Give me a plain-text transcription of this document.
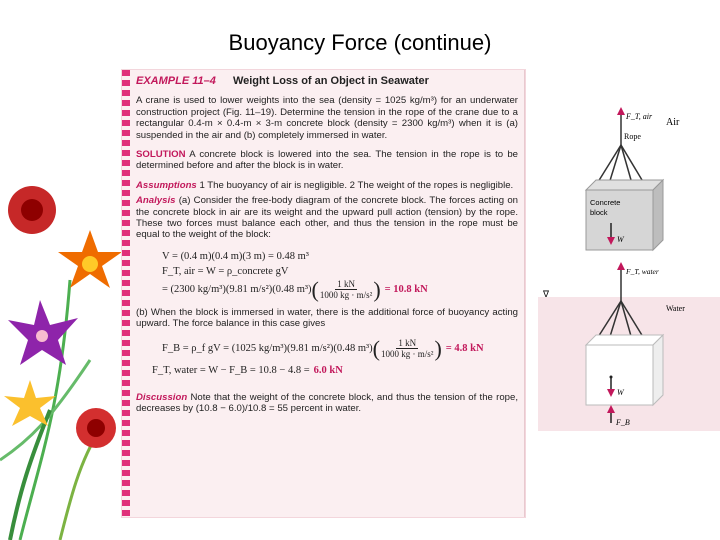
Buoyancy Force (continue)
EXAMPLE 11–4 Weight Loss of an Object in Seawater

A crane is used to lower weights into the sea (density = 1025 kg/m³) for an underwater construction project (Fig. 11–19). Determine the tension in the rope of the crane due to a rectangular 0.4-m × 0.4-m × 3-m concrete block (density = 2300 kg/m³) when it is (a) suspended in the air and (b) completely immersed in water.

SOLUTION A concrete block is lowered into the sea. The tension in the rope is to be determined before and after the block is in water.

Assumptions 1 The buoyancy of air is negligible. 2 The weight of the ropes is negligible.

Analysis (a) Consider the free-body diagram of the concrete block. The forces acting on the concrete block in air are its weight and the upward pull action (tension) by the rope. These two forces must balance each other, and thus the tension in the rope must be equal to the weight of the block:

V = (0.4 m)(0.4 m)(3 m) = 0.48 m³
F_T, air = W = ρ_concrete gV
= (2300 kg/m³)(9.81 m/s²)(0.48 m³) ( $\frac{1 kN}{\text{1000 kg · m/s²}}$ ) = 10.8 kN

(b) When the block is immersed in water, there is the additional force of buoyancy acting upward. The force balance in this case gives

F_B = ρ_f gV = (1025 kg/m³)(9.81 m/s²)(0.48 m³) ( $\frac{1 kN}{\text{1000 kg · m/s²}}$ ) = 4.8 kN
F_T, water = W − F_B = 10.8 − 4.8 = 6.0 kN

Discussion Note that the weight of the concrete block, and thus the tension of the rope, decreases by (10.8 − 6.0)/10.8 = 55 percent in water.

F_T, air
Air
Rope
Concrete
block
W
F_T, water
∇
Water
W
F_B
